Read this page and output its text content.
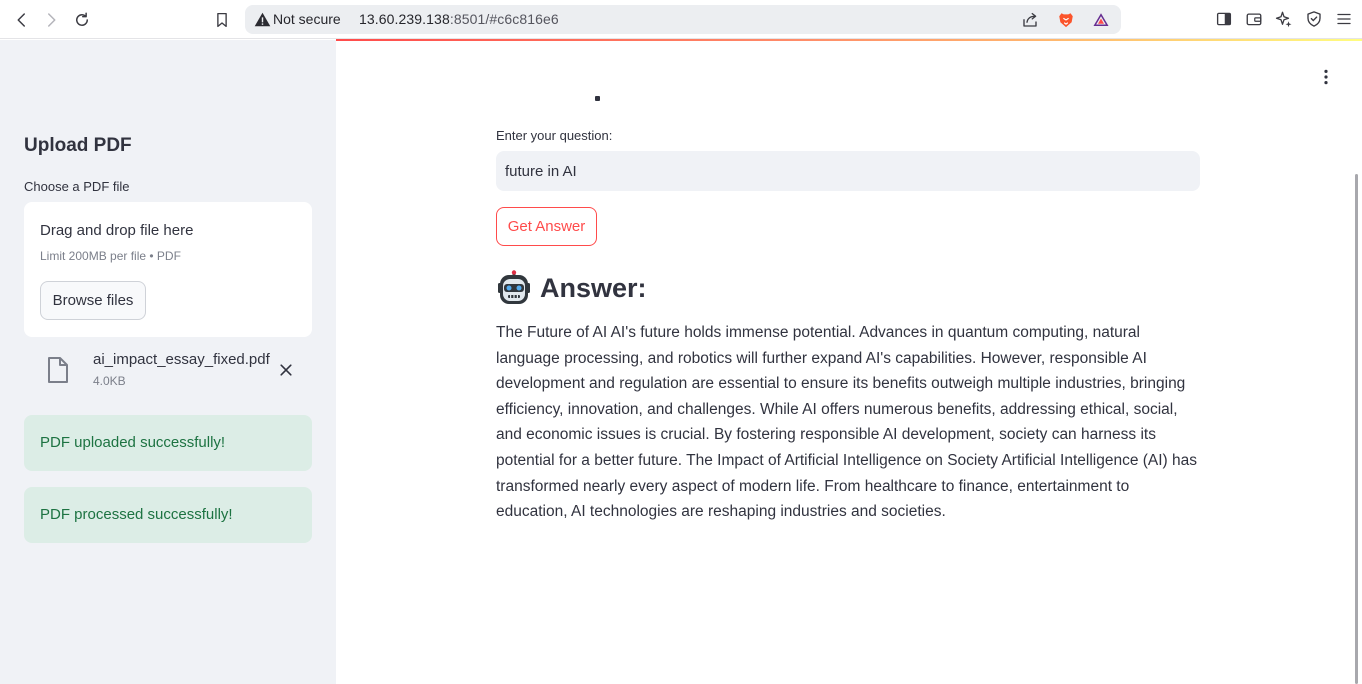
Not secure 13.60.239.138:8501/#c6c816e6
Upload PDF
Choose a PDF file
Drag and drop file here
Limit 200MB per file • PDF
Browse files
ai_impact_essay_fixed.pdf
4.0KB
PDF uploaded successfully!
PDF processed successfully!
Enter your question:
future in AI
Get Answer
Answer:

The Future of AI AI's future holds immense potential. Advances in quantum computing, natural language processing, and robotics will further expand AI's capabilities. However, responsible AI development and regulation are essential to ensure its benefits outweigh multiple industries, bringing efficiency, innovation, and challenges. While AI offers numerous benefits, addressing ethical, social, and economic issues is crucial. By fostering responsible AI development, society can harness its potential for a better future. The Impact of Artificial Intelligence on Society Artificial Intelligence (AI) has transformed nearly every aspect of modern life. From healthcare to finance, entertainment to education, AI technologies are reshaping industries and societies.
